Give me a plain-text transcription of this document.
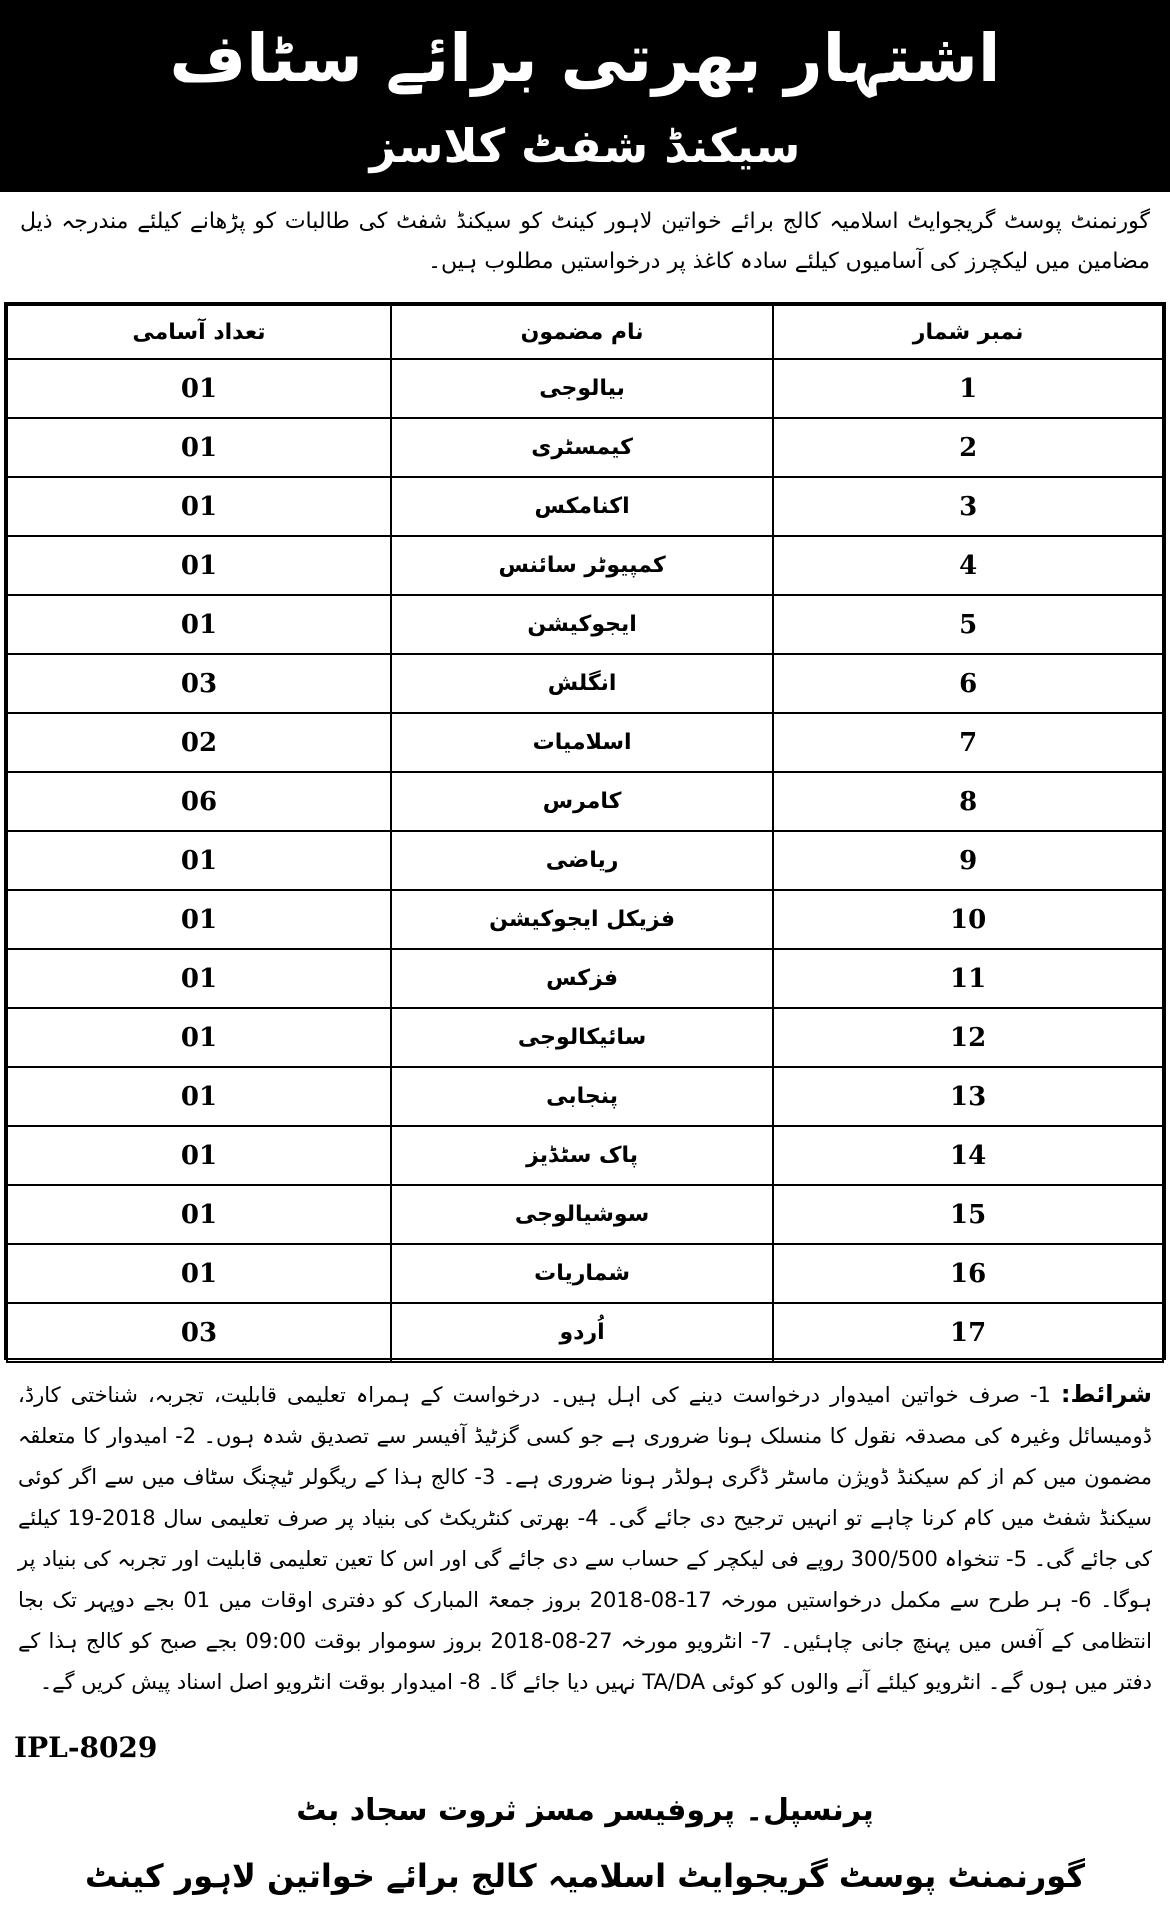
اشتہار بھرتی برائے سٹاف
سیکنڈ شفٹ کلاسز
گورنمنٹ پوسٹ گریجوایٹ اسلامیہ کالج برائے خواتین لاہور کینٹ کو سیکنڈ شفٹ کی طالبات کو پڑھانے کیلئے مندرجہ ذیل مضامین میں لیکچرز کی آسامیوں کیلئے سادہ کاغذ پر درخواستیں مطلوب ہیں۔
نمبر شمار	نام مضمون	تعداد آسامی
1	بیالوجی	01
2	کیمسٹری	01
3	اکنامکس	01
4	کمپیوٹر سائنس	01
5	ایجوکیشن	01
6	انگلش	03
7	اسلامیات	02
8	کامرس	06
9	ریاضی	01
10	فزیکل ایجوکیشن	01
11	فزکس	01
12	سائیکالوجی	01
13	پنجابی	01
14	پاک سٹڈیز	01
15	سوشیالوجی	01
16	شماریات	01
17	اُردو	03
شرائط: 1- صرف خواتین امیدوار درخواست دینے کی اہل ہیں۔ درخواست کے ہمراہ تعلیمی قابلیت، تجربہ، شناختی کارڈ، ڈومیسائل وغیرہ کی مصدقہ نقول کا منسلک ہونا ضروری ہے جو کسی گزٹیڈ آفیسر سے تصدیق شدہ ہوں۔ 2- امیدوار کا متعلقہ مضمون میں کم از کم سیکنڈ ڈویژن ماسٹر ڈگری ہولڈر ہونا ضروری ہے۔ 3- کالج ہذا کے ریگولر ٹیچنگ سٹاف میں سے اگر کوئی سیکنڈ شفٹ میں کام کرنا چاہے تو انہیں ترجیح دی جائے گی۔ 4- بھرتی کنٹریکٹ کی بنیاد پر صرف تعلیمی سال 2018-19 کیلئے کی جائے گی۔ 5- تنخواہ 300/500 روپے فی لیکچر کے حساب سے دی جائے گی اور اس کا تعین تعلیمی قابلیت اور تجربہ کی بنیاد پر ہوگا۔ 6- ہر طرح سے مکمل درخواستیں مورخہ 17-08-2018 بروز جمعۃ المبارک کو دفتری اوقات میں 01 بجے دوپہر تک بجا انتظامی کے آفس میں پہنچ جانی چاہئیں۔ 7- انٹرویو مورخہ 27-08-2018 بروز سوموار بوقت 09:00 بجے صبح کو کالج ہذا کے دفتر میں ہوں گے۔ انٹرویو کیلئے آنے والوں کو کوئی TA/DA نہیں دیا جائے گا۔ 8- امیدوار بوقت انٹرویو اصل اسناد پیش کریں گے۔
IPL-8029
پرنسپل۔ پروفیسر مسز ثروت سجاد بٹ
گورنمنٹ پوسٹ گریجوایٹ اسلامیہ کالج برائے خواتین لاہور کینٹ
